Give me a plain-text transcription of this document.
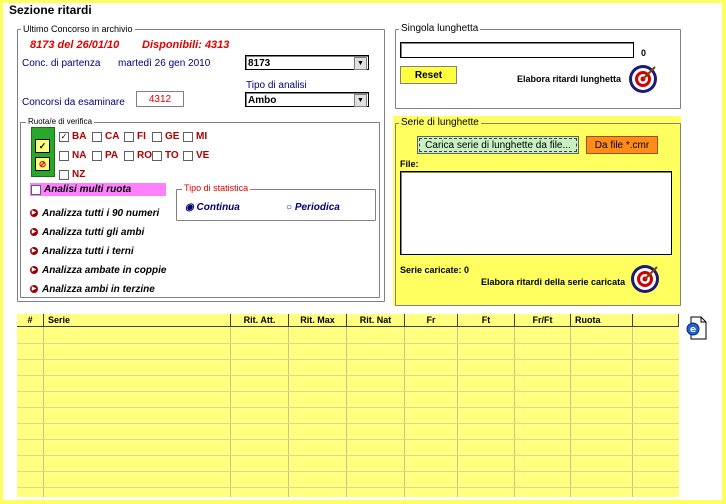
Sezione ritardi
Ultimo Concorso in archivio
8173 del 26/01/10 Disponibili: 4313
Conc. di partenza martedì 26 gen 2010	8173	▼
Tipo di analisi
Ambo	▼
Concorsi da esaminare	4312
Ruota/e di verifica
✓
⊘
✓ BA CA FI GE MI
NA PA RO TO VE
NZ
Analisi multi ruota	Tipo di statistica
◉ Continua	○ Periodica
▶ Analizza tutti i 90 numeri
▶ Analizza tutti gli ambi
▶ Analizza tutti i terni
▶ Analizza ambate in coppie
▶ Analizza ambi in terzine
Singola lunghetta
0
Reset	Elabora ritardi lunghetta
Serie di lunghette
Carica serie di lunghette da file...	Da file *.cmr
File:
Serie caricate: 0
Elabora ritardi della serie caricata
e
#	Serie	Rit. Att.	Rit. Max	Rit. Nat	Fr	Ft	Fr/Ft	Ruota
